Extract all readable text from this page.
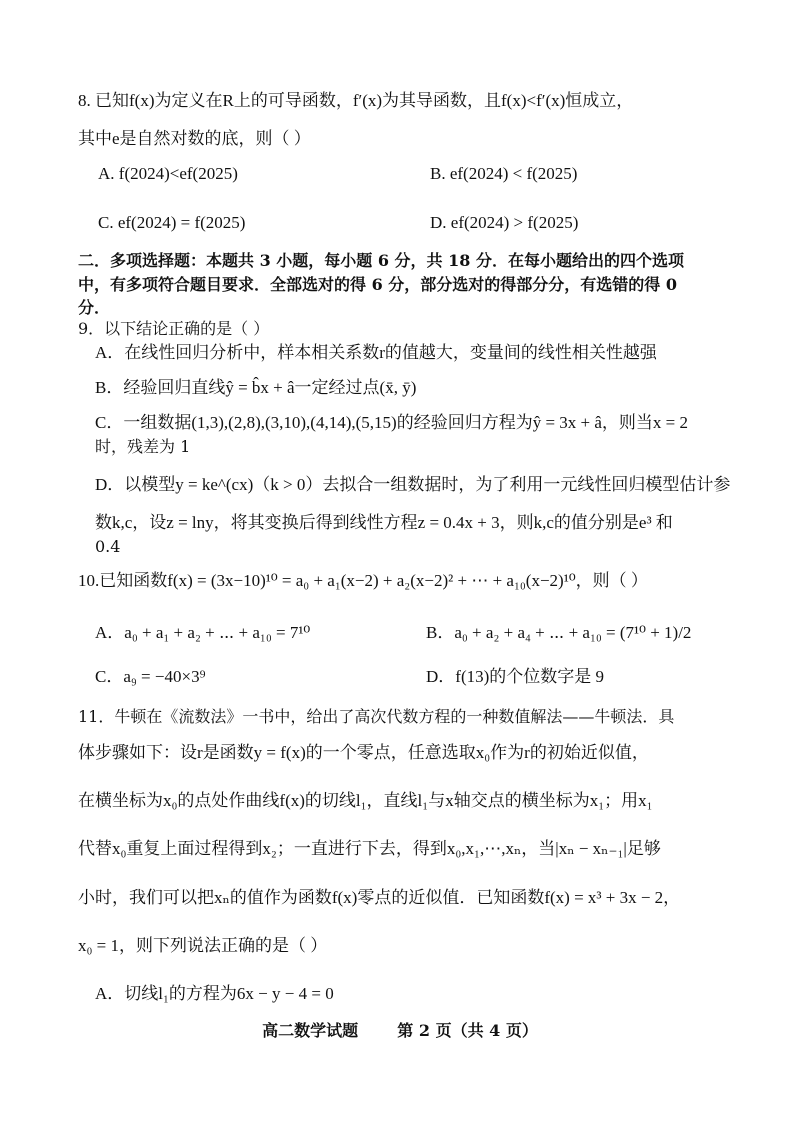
8. 已知f(x)为定义在R上的可导函数，f′(x)为其导函数，且f(x)<f′(x)恒成立，
其中e是自然对数的底，则（ ）
A. f(2024)<ef(2025)	B. ef(2024) < f(2025)
C. ef(2024) = f(2025)	D. ef(2024) > f(2025)
二．多项选择题：本题共 3 小题，每小题 6 分，共 18 分．在每小题给出的四个选项
中，有多项符合题目要求．全部选对的得 6 分，部分选对的得部分分，有选错的得 0
分．
9．以下结论正确的是（ ）
A．在线性回归分析中，样本相关系数r的值越大，变量间的线性相关性越强
B．经验回归直线ŷ = b̂x + â一定经过点(x̄, ȳ)
C．一组数据(1,3),(2,8),(3,10),(4,14),(5,15)的经验回归方程为ŷ = 3x + â，则当x = 2
时，残差为 1
D．以模型y = ke^(cx)（k > 0）去拟合一组数据时，为了利用一元线性回归模型估计参
数k,c，设z = lny，将其变换后得到线性方程z = 0.4x + 3，则k,c的值分别是e³ 和
0.4
10.已知函数f(x) = (3x−10)¹⁰ = a₀ + a₁(x−2) + a₂(x−2)² + ⋯ + a₁₀(x−2)¹⁰，则（ ）
A．a₀ + a₁ + a₂ + ⋯ + a₁₀ = 7¹⁰	B．a₀ + a₂ + a₄ + ⋯ + a₁₀ = (7¹⁰ + 1)/2
C．a₉ = −40×3⁹	D．f(13)的个位数字是 9
11．牛顿在《流数法》一书中，给出了高次代数方程的一种数值解法——牛顿法．具
体步骤如下：设r是函数y = f(x)的一个零点，任意选取x₀作为r的初始近似值，
在横坐标为x₀的点处作曲线f(x)的切线l₁，直线l₁与x轴交点的横坐标为x₁；用x₁
代替x₀重复上面过程得到x₂；一直进行下去，得到x₀,x₁,⋯,xₙ，当|xₙ − xₙ₋₁|足够
小时，我们可以把xₙ的值作为函数f(x)零点的近似值．已知函数f(x) = x³ + 3x − 2，
x₀ = 1，则下列说法正确的是（ ）
A．切线l₁的方程为6x − y − 4 = 0
高二数学试题 第 2 页（共 4 页）
